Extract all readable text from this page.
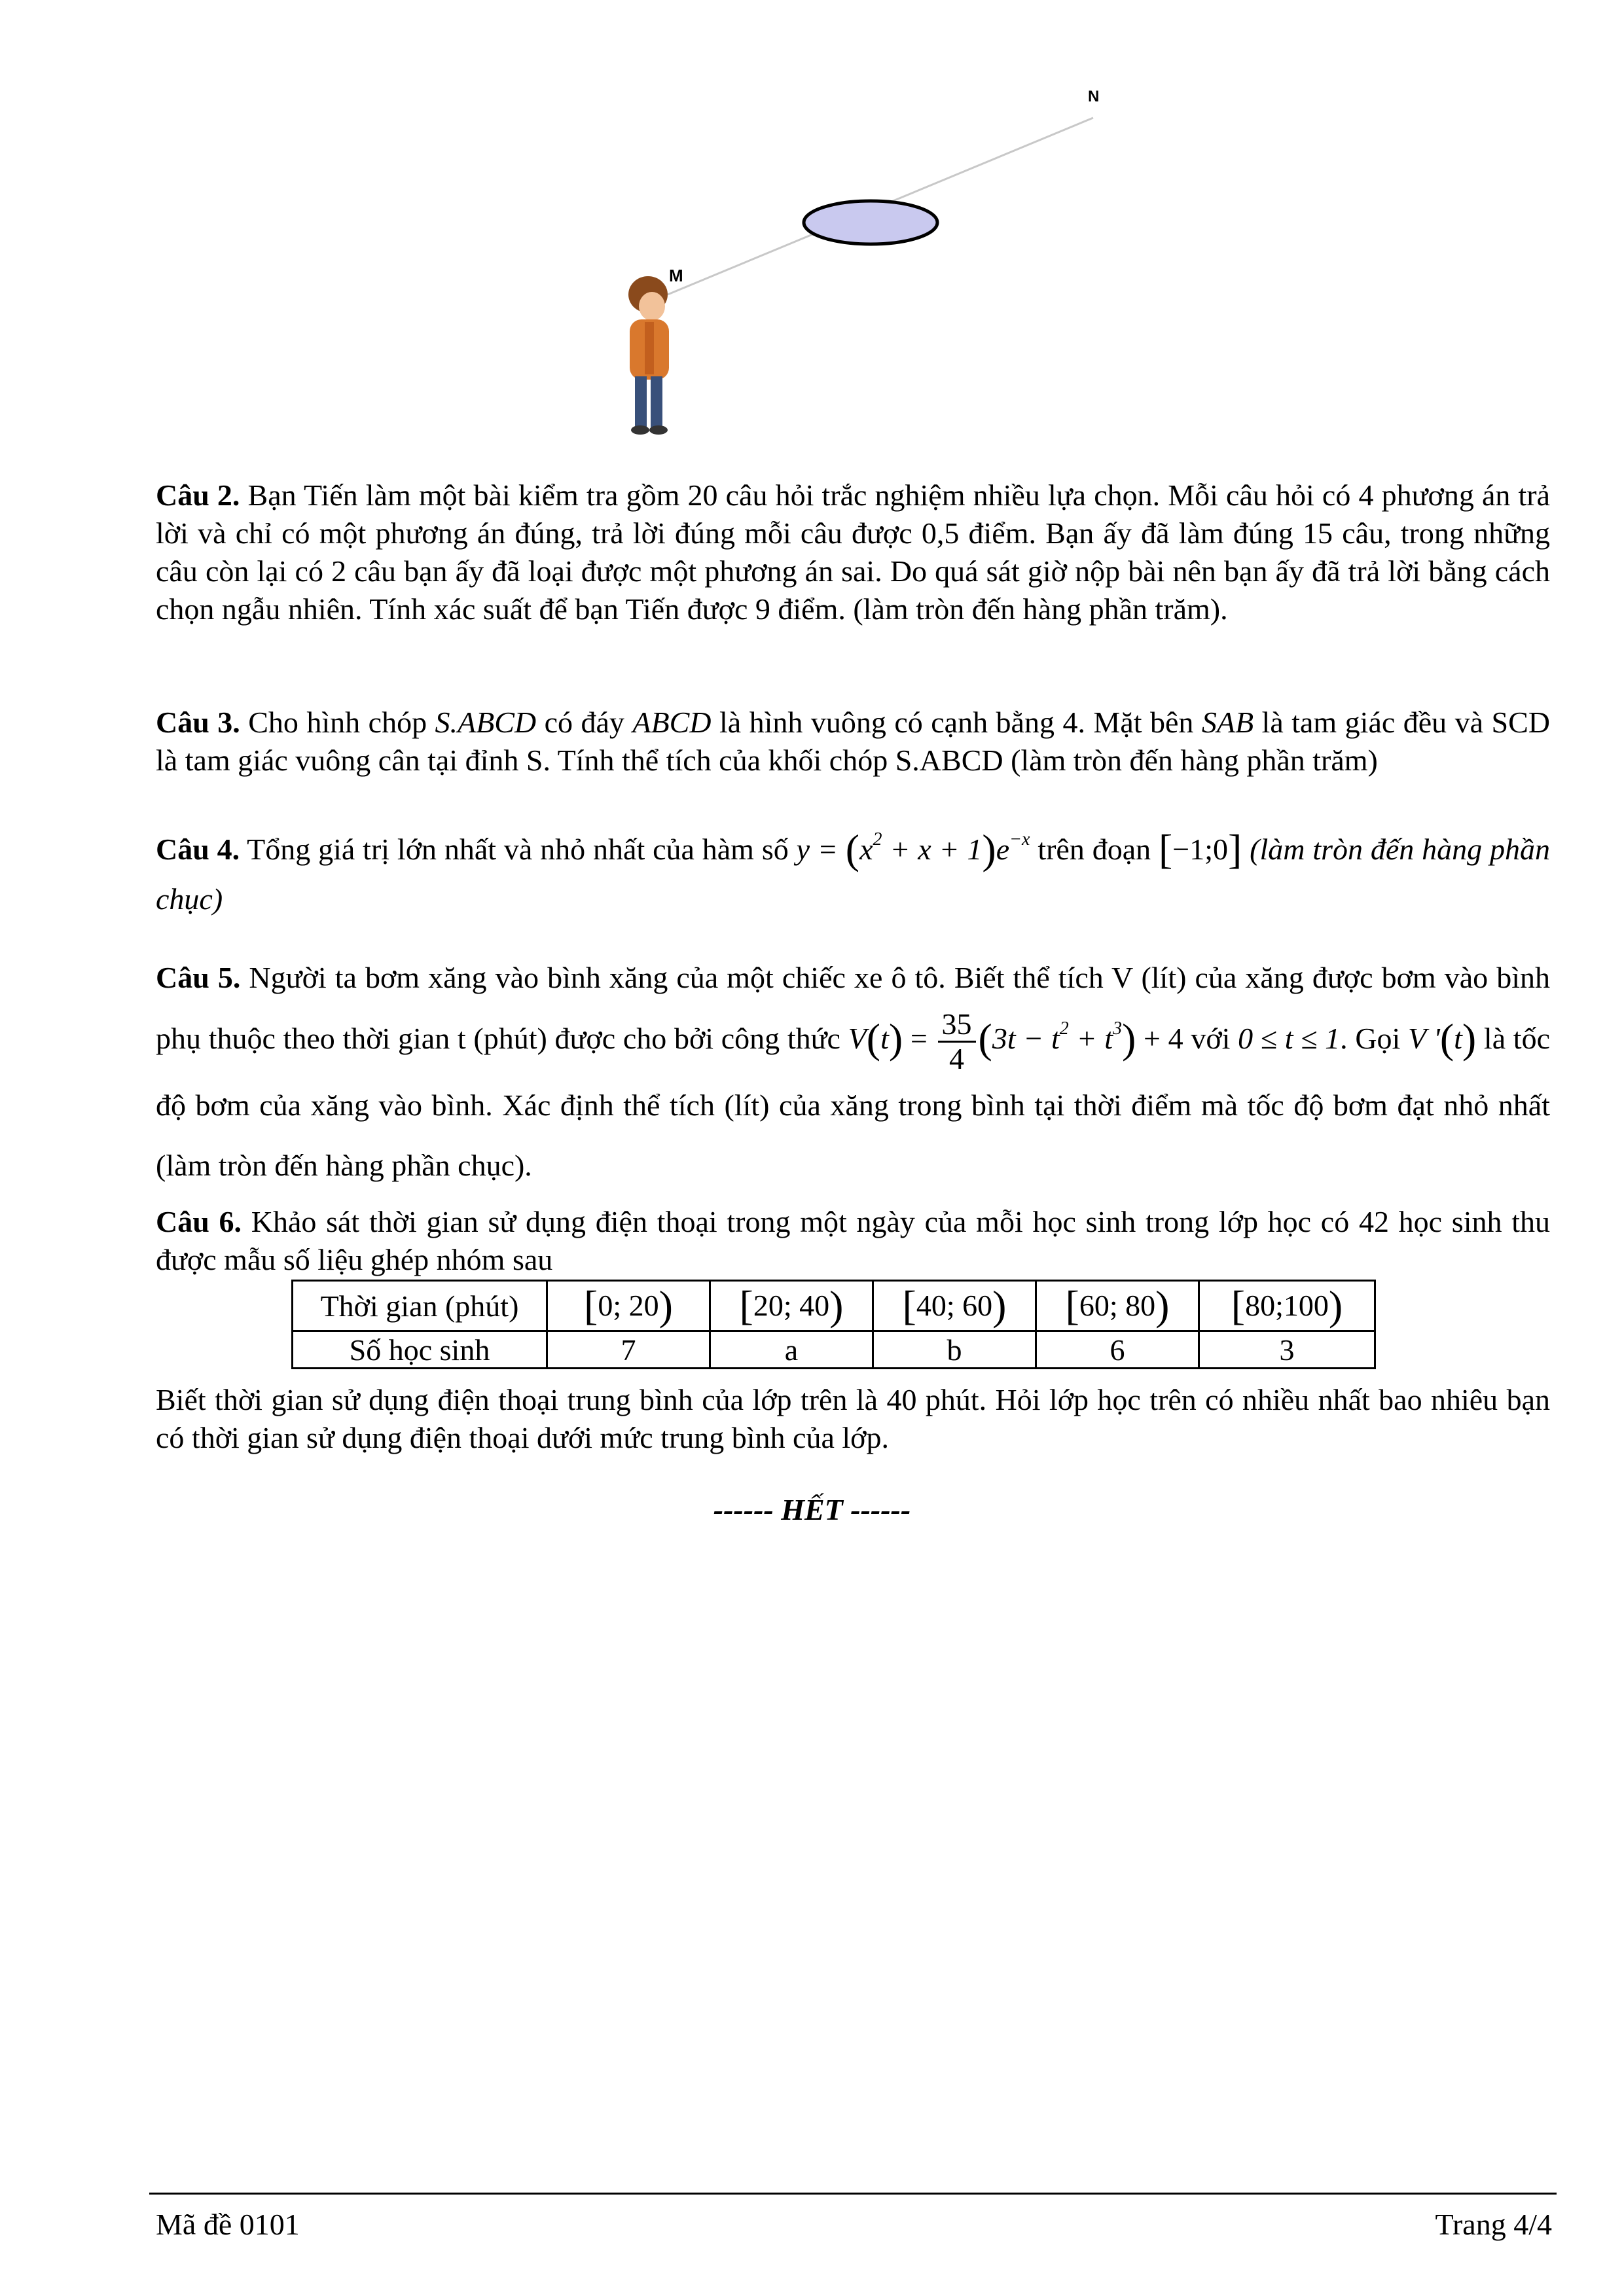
N
M
Câu 2. Bạn Tiến làm một bài kiểm tra gồm 20 câu hỏi trắc nghiệm nhiều lựa chọn. Mỗi câu hỏi có 4 phương án trả lời và chỉ có một phương án đúng, trả lời đúng mỗi câu được 0,5 điểm. Bạn ấy đã làm đúng 15 câu, trong những câu còn lại có 2 câu bạn ấy đã loại được một phương án sai. Do quá sát giờ nộp bài nên bạn ấy đã trả lời bằng cách chọn ngẫu nhiên. Tính xác suất để bạn Tiến được 9 điểm. (làm tròn đến hàng phần trăm).
Câu 3. Cho hình chóp S.ABCD có đáy ABCD là hình vuông có cạnh bằng 4. Mặt bên SAB là tam giác đều và SCD là tam giác vuông cân tại đỉnh S. Tính thể tích của khối chóp S.ABCD (làm tròn đến hàng phần trăm)
Câu 4. Tổng giá trị lớn nhất và nhỏ nhất của hàm số $y = (x^2 + x + 1)e^{-x}$ trên đoạn [−1;0] (làm tròn đến hàng phần chục)
Câu 5. Người ta bơm xăng vào bình xăng của một chiếc xe ô tô. Biết thể tích V (lít) của xăng được bơm vào bình phụ thuộc theo thời gian t (phút) được cho bởi công thức $V(t) = \frac{35}{4} (3t - t^2 + t^3) + 4$ với 0 ≤ t ≤ 1. Gọi V '(t) là tốc độ bơm của xăng vào bình. Xác định thể tích (lít) của xăng trong bình tại thời điểm mà tốc độ bơm đạt nhỏ nhất (làm tròn đến hàng phần chục).
Câu 6. Khảo sát thời gian sử dụng điện thoại trong một ngày của mỗi học sinh trong lớp học có 42 học sinh thu được mẫu số liệu ghép nhóm sau
Thời gian (phút)	[0; 20)	[20; 40)	[40; 60)	[60; 80)	[80;100)
Số học sinh	7	a	b	6	3
Biết thời gian sử dụng điện thoại trung bình của lớp trên là 40 phút. Hỏi lớp học trên có nhiều nhất bao nhiêu bạn có thời gian sử dụng điện thoại dưới mức trung bình của lớp.
------ HẾT ------
Mã đề 0101	Trang 4/4
